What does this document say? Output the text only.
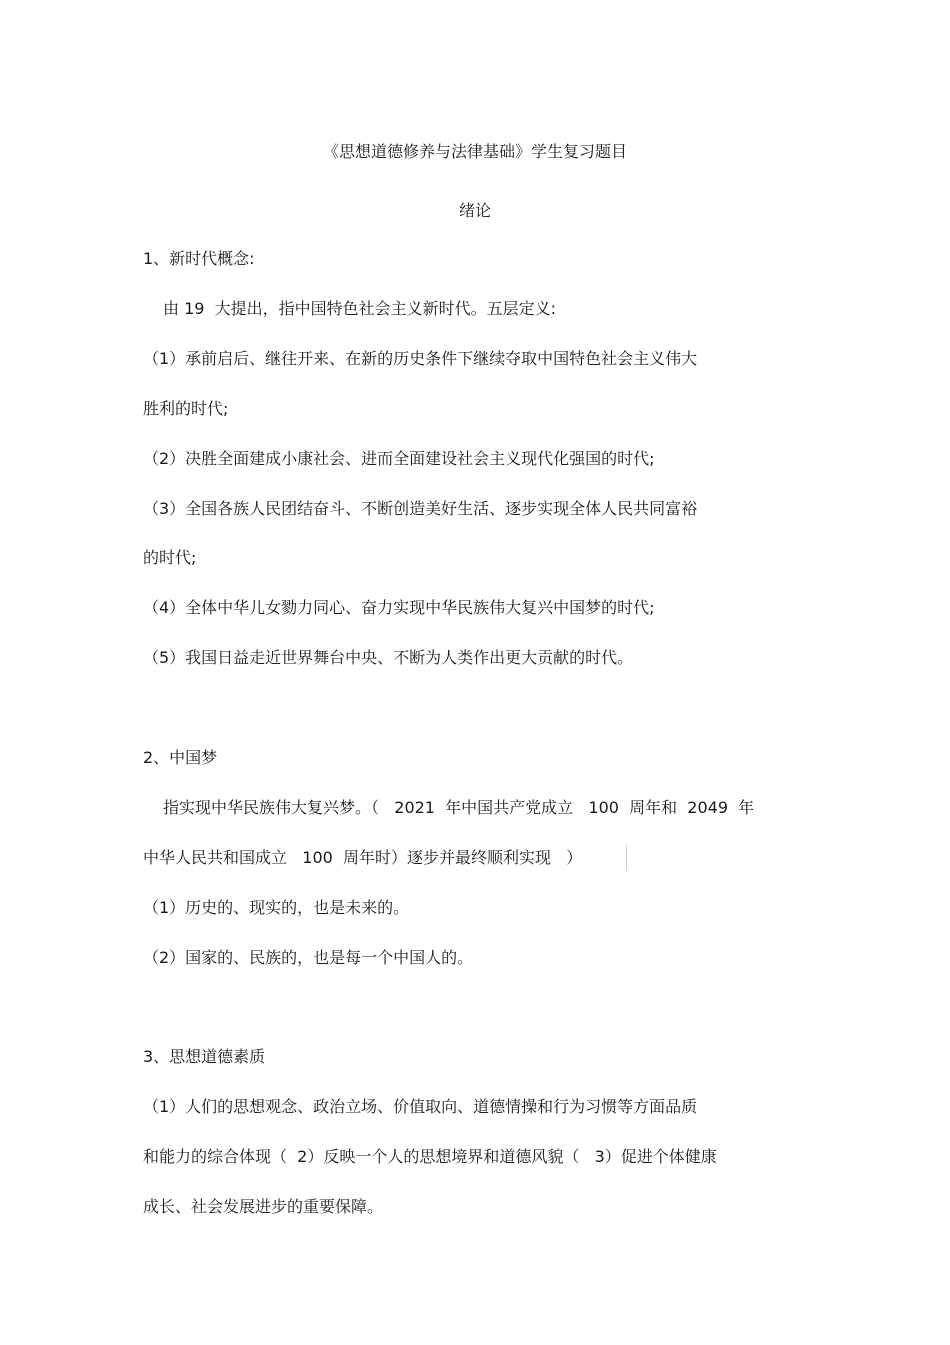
《思想道德修养与法律基础》学生复习题目
绪论
1、新时代概念:
由 19  大提出，指中国特色社会主义新时代。五层定义:
（1）承前启后、继往开来、在新的历史条件下继续夺取中国特色社会主义伟大
胜利的时代;
（2）决胜全面建成小康社会、进而全面建设社会主义现代化强国的时代;
（3）全国各族人民团结奋斗、不断创造美好生活、逐步实现全体人民共同富裕
的时代;
（4）全体中华儿女勠力同心、奋力实现中华民族伟大复兴中国梦的时代;
（5）我国日益走近世界舞台中央、不断为人类作出更大贡献的时代。
2、中国梦
指实现中华民族伟大复兴梦。（   2021  年中国共产党成立   100  周年和  2049  年
中华人民共和国成立   100  周年时）逐步并最终顺利实现   ）
（1）历史的、现实的，也是未来的。
（2）国家的、民族的，也是每一个中国人的。
3、思想道德素质
（1）人们的思想观念、政治立场、价值取向、道德情操和行为习惯等方面品质
和能力的综合体现（  2）反映一个人的思想境界和道德风貌（   3）促进个体健康
成长、社会发展进步的重要保障。
